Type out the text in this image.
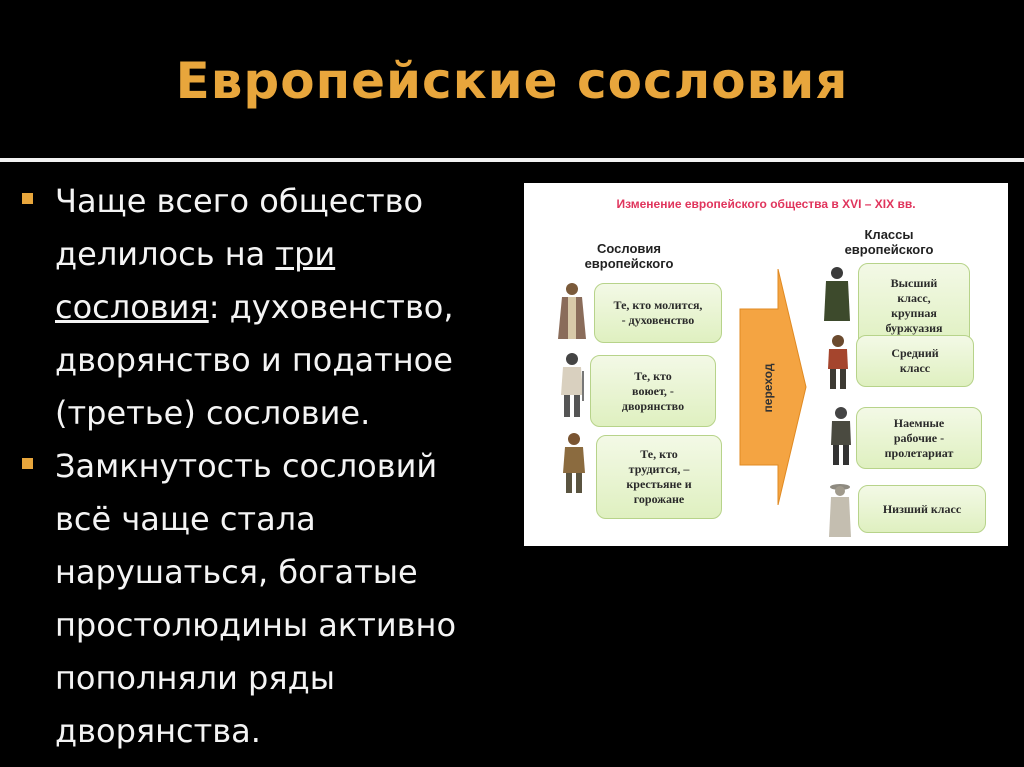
Европейские сословия
Чаще всего общество
делилось на три
сословия: духовенство,
дворянство и податное
(третье) сословие.
Замкнутость сословий
всё чаще стала
нарушаться, богатые
простолюдины активно
пополняли ряды
дворянства.
Изменение европейского общества в XVI – XIX вв.
Сословия
европейского
Классы
европейского
Те, кто молится,
- духовенство
Те, кто
воюет, -
дворянство
Те, кто
трудится, –
крестьяне и
горожане
переход
Высший
класс,
крупная
буржуазия
Средний
класс
Наемные
рабочие -
пролетариат
Низший класс
